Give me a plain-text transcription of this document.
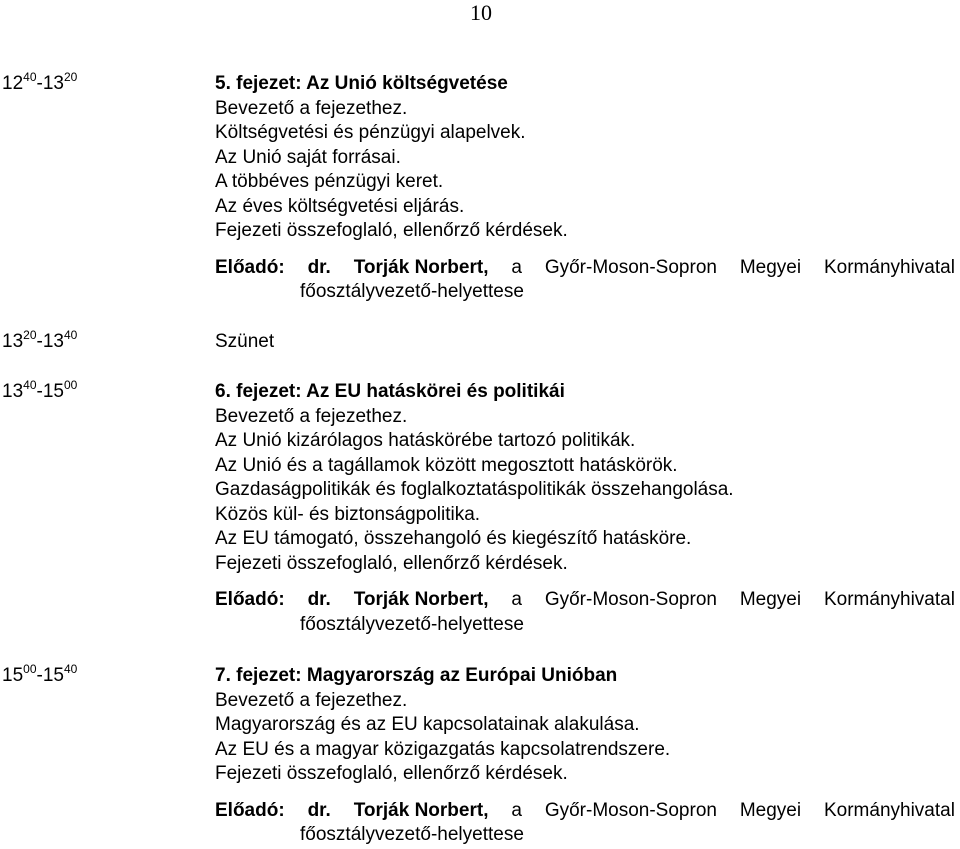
10
$12^{40}-13^{20}$	5. fejezet: Az Unió költségvetése
Bevezető a fejezethez.
Költségvetési és pénzügyi alapelvek.
Az Unió saját forrásai.
A többéves pénzügyi keret.
Az éves költségvetési eljárás.
Fejezeti összefoglaló, ellenőrző kérdések.
Előadó: dr. Torják Norbert, a Győr-Moson-Sopron Megyei Kormányhivatal
főosztályvezető-helyettese
$13^{20}-13^{40}$	Szünet
$13^{40}-15^{00}$	6. fejezet: Az EU hatáskörei és politikái
Bevezető a fejezethez.
Az Unió kizárólagos hatáskörébe tartozó politikák.
Az Unió és a tagállamok között megosztott hatáskörök.
Gazdaságpolitikák és foglalkoztatáspolitikák összehangolása.
Közös kül- és biztonságpolitika.
Az EU támogató, összehangoló és kiegészítő hatásköre.
Fejezeti összefoglaló, ellenőrző kérdések.
Előadó: dr. Torják Norbert, a Győr-Moson-Sopron Megyei Kormányhivatal
főosztályvezető-helyettese
$15^{00}-15^{40}$	7. fejezet: Magyarország az Európai Unióban
Bevezető a fejezethez.
Magyarország és az EU kapcsolatainak alakulása.
Az EU és a magyar közigazgatás kapcsolatrendszere.
Fejezeti összefoglaló, ellenőrző kérdések.
Előadó: dr. Torják Norbert, a Győr-Moson-Sopron Megyei Kormányhivatal
főosztályvezető-helyettese
